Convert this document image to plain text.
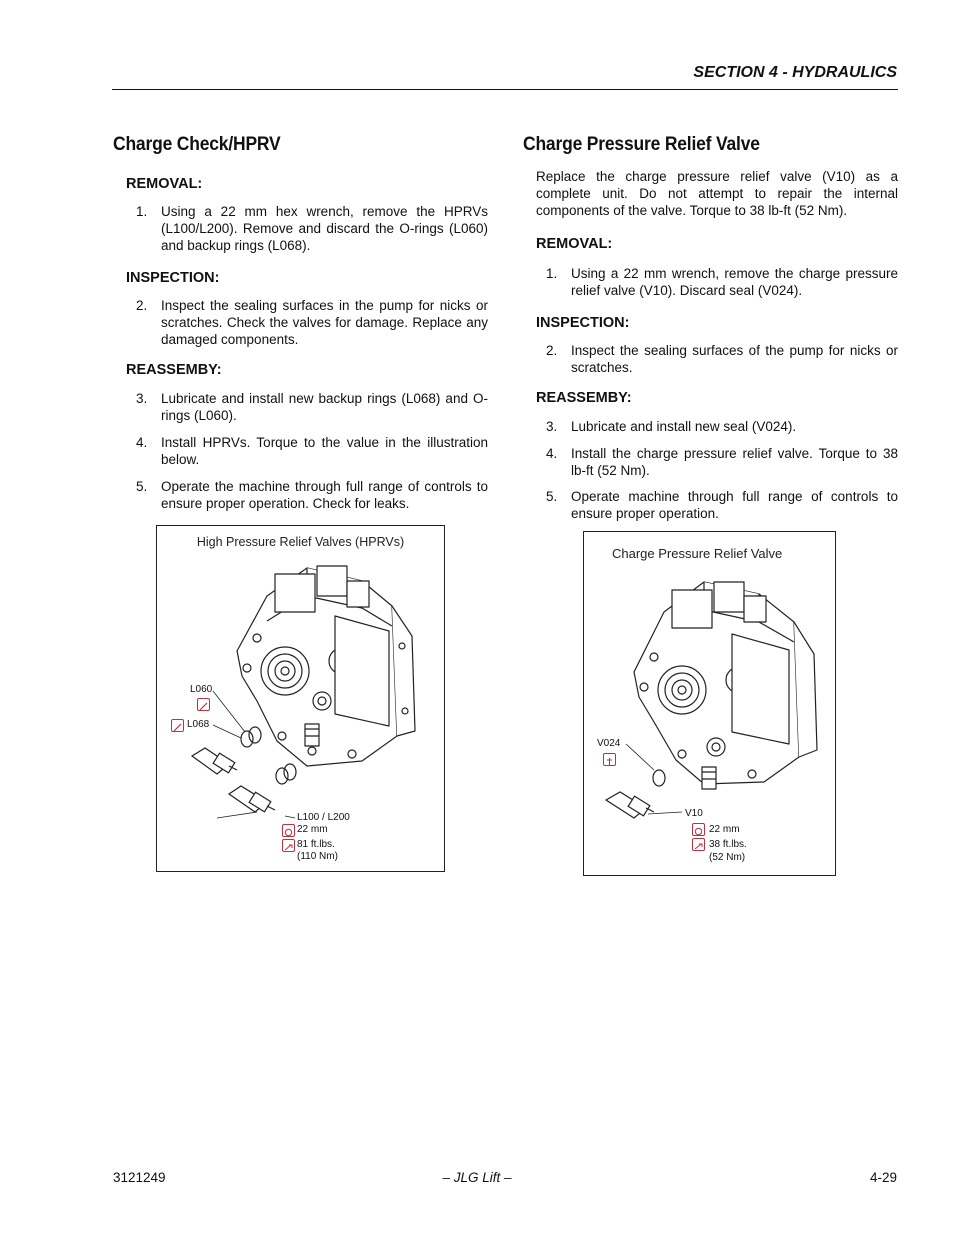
SECTION 4 - HYDRAULICS
Charge Check/HPRV
REMOVAL:
1. Using a 22 mm hex wrench, remove the HPRVs (L100/L200). Remove and discard the O-rings (L060) and backup rings (L068).
INSPECTION:
2. Inspect the sealing surfaces in the pump for nicks or scratches. Check the valves for damage. Replace any damaged components.
REASSEMBY:
3. Lubricate and install new backup rings (L068) and O-rings (L060).
4. Install HPRVs. Torque to the value in the illustration below.
5. Operate the machine through full range of controls to ensure proper operation. Check for leaks.
High Pressure Relief Valves (HPRVs)
L060
L068
L100 / L200
22 mm
81 ft.lbs.
(110 Nm)
Charge Pressure Relief Valve
Replace the charge pressure relief valve (V10) as a complete unit. Do not attempt to repair the internal components of the valve. Torque to 38 lb-ft (52 Nm).
REMOVAL:
1. Using a 22 mm wrench, remove the charge pressure relief valve (V10). Discard seal (V024).
INSPECTION:
2. Inspect the sealing surfaces of the pump for nicks or scratches.
REASSEMBY:
3. Lubricate and install new seal (V024).
4. Install the charge pressure relief valve. Torque to 38 lb-ft (52 Nm).
5. Operate machine through full range of controls to ensure proper operation.
Charge Pressure Relief Valve
V024
V10
22 mm
38 ft.lbs.
(52 Nm)
3121249	– JLG Lift –	4-29
